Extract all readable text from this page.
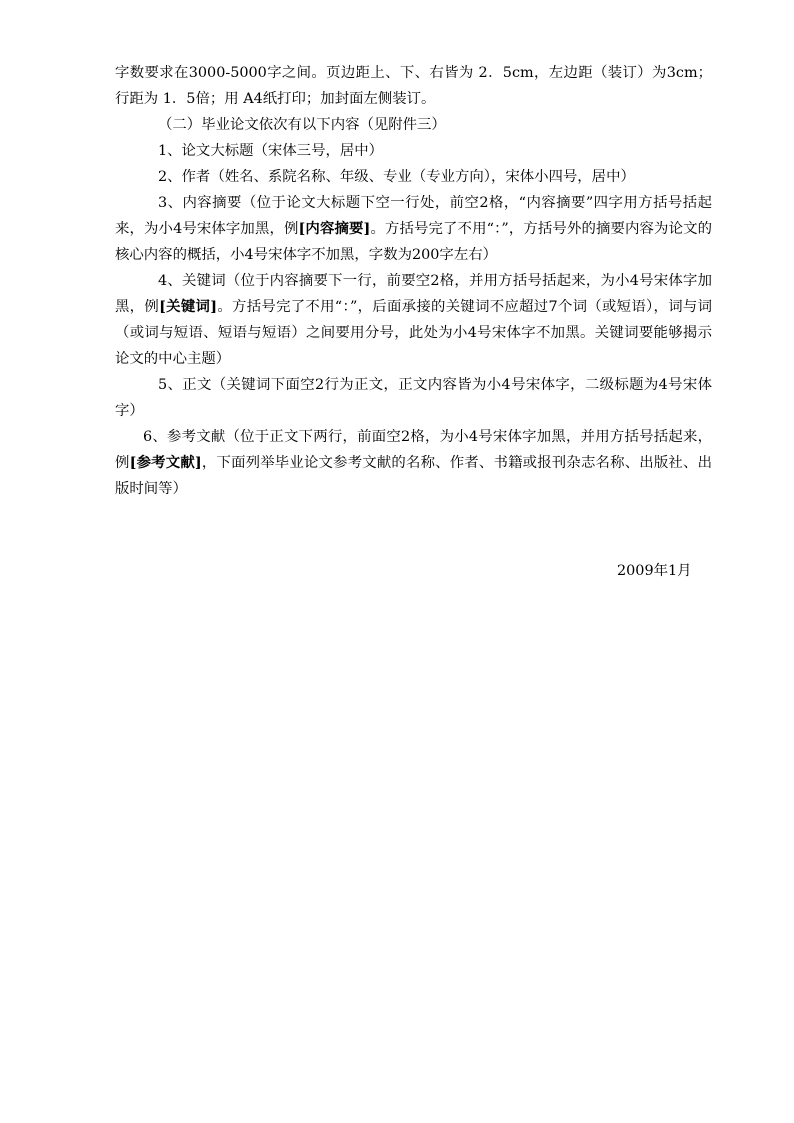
字数要求在3000-5000字之间。页边距上、下、右皆为 2．5cm，左边距（装订）为3cm；行距为 1．5倍；用 A4纸打印；加封面左侧装订。

（二）毕业论文依次有以下内容（见附件三）

1、论文大标题（宋体三号，居中）

2、作者（姓名、系院名称、年级、专业（专业方向），宋体小四号，居中）

3、内容摘要（位于论文大标题下空一行处，前空2格，“内容摘要”四字用方括号括起来，为小4号宋体字加黑，例[内容摘要]。方括号完了不用“：”，方括号外的摘要内容为论文的核心内容的概括，小4号宋体字不加黑，字数为200字左右）

4、关键词（位于内容摘要下一行，前要空2格，并用方括号括起来，为小4号宋体字加黑，例[关键词]。方括号完了不用“：”，后面承接的关键词不应超过7个词（或短语），词与词（或词与短语、短语与短语）之间要用分号，此处为小4号宋体字不加黑。关键词要能够揭示论文的中心主题）

5、正文（关键词下面空2行为正文，正文内容皆为小4号宋体字，二级标题为4号宋体字）

6、参考文献（位于正文下两行，前面空2格，为小4号宋体字加黑，并用方括号括起来，例[参考文献]，下面列举毕业论文参考文献的名称、作者、书籍或报刊杂志名称、出版社、出版时间等）

2009年1月
